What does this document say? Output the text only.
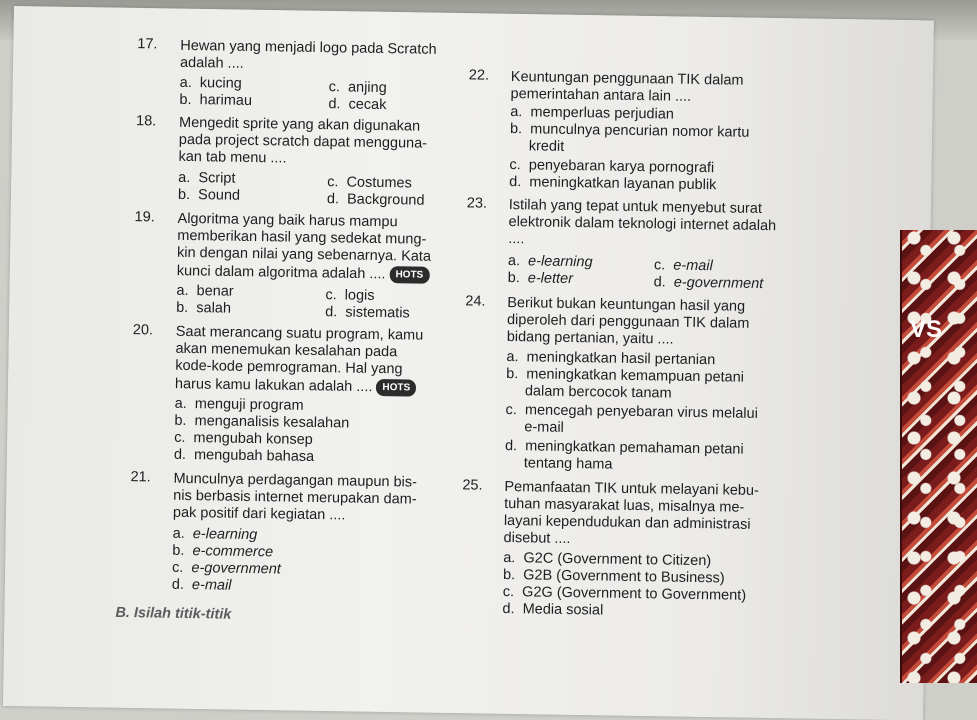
VS
17. Hewan yang menjadi logo pada Scratch
adalah ....
a.  kucing	c.  anjing
b.  harimau	d.  cecak
18. Mengedit sprite yang akan digunakan
pada project scratch dapat mengguna-
kan tab menu ....
a.  Script	c.  Costumes
b.  Sound	d.  Background
19. Algoritma yang baik harus mampu
memberikan hasil yang sedekat mung-
kin dengan nilai yang sebenarnya. Kata
kunci dalam algoritma adalah .... HOTS
a.  benar	c.  logis
b.  salah	d.  sistematis
20. Saat merancang suatu program, kamu
akan menemukan kesalahan pada
kode-kode pemrograman. Hal yang
harus kamu lakukan adalah .... HOTS
a.  menguji program
b.  menganalisis kesalahan
c.  mengubah konsep
d.  mengubah bahasa
21. Munculnya perdagangan maupun bis-
nis berbasis internet merupakan dam-
pak positif dari kegiatan ....
a.  e-learning
b.  e-commerce
c.  e-government
d.  e-mail
22. Keuntungan penggunaan TIK dalam
pemerintahan antara lain ....
a.  memperluas perjudian
b.  munculnya pencurian nomor kartu
kredit
c.  penyebaran karya pornografi
d.  meningkatkan layanan publik
23. Istilah yang tepat untuk menyebut surat
elektronik dalam teknologi internet adalah
....
a.  e-learning	c.  e-mail
b.  e-letter	d.  e-government
24. Berikut bukan keuntungan hasil yang
diperoleh dari penggunaan TIK dalam
bidang pertanian, yaitu ....
a.  meningkatkan hasil pertanian
b.  meningkatkan kemampuan petani
dalam bercocok tanam
c.  mencegah penyebaran virus melalui
e-mail
d.  meningkatkan pemahaman petani
tentang hama
25. Pemanfaatan TIK untuk melayani kebu-
tuhan masyarakat luas, misalnya me-
layani kependudukan dan administrasi
disebut ....
a.  G2C (Government to Citizen)
b.  G2B (Government to Business)
c.  G2G (Government to Government)
d.  Media sosial
B. Isilah titik-titik
